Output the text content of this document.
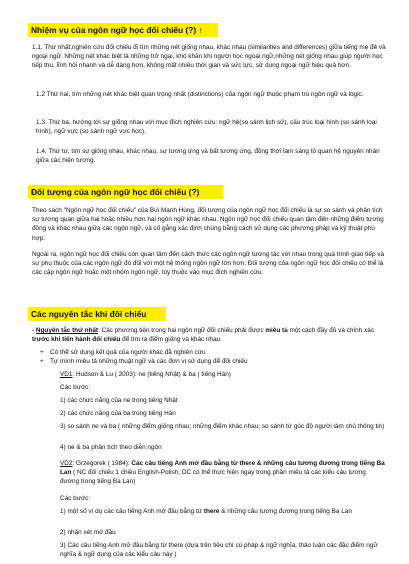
Nhiệm vụ của ngôn ngữ học đối chiếu (?) ↑

1.1. Thứ nhất,nghiên cứu đối chiếu đi tìm những nét giống nhau, khác nhau (similarities and differences) giữa tiếng mẹ đẻ và ngoại ngữ. Những nét khác biệt là những trở ngại, khó khăn khi người học ngoại ngữ,những nét giống nhau giúp người học tiếp thu, lĩnh hội nhanh và dễ dàng hơn, không mất nhiều thời gian và sức lực, sử dụng ngoại ngữ hiệu quả hơn.

1.2 Thứ hai, tìm những nét khác biệt quan trọng nhất (distinctions) của ngôn ngữ thuộc phạm trù ngôn ngữ và logic.

1.3. Thứ ba, hướng tới sự giống nhau với mục đích nghiên cứu: ngữ hệ(so sánh lịch sử), cấu trúc loại hình (so sánh loại hình), ngữ vực (so sánh ngữ vực học).

1.4. Thứ tư, tìm sự giống nhau, khác nhau, sự tương ứng và bất tương ứng, đồng thời làm sáng tỏ quan hệ nguyên nhân giữa các hiện tượng.

Đối tượng của ngôn ngữ học đối chiếu (?)

Theo sách "Ngôn ngữ học đối chiếu" của Bùi Mạnh Hùng, đối tượng của ngôn ngữ học đối chiếu là sự so sánh và phân tích sự tương quan giữa hai hoặc nhiều hơn hai ngôn ngữ khác nhau. Ngôn ngữ học đối chiếu quan tâm đến những điểm tương đồng và khác nhau giữa các ngôn ngữ, và cố gắng xác định chúng bằng cách sử dụng các phương pháp và kỹ thuật phù hợp.

Ngoài ra, ngôn ngữ học đối chiếu còn quan tâm đến cách thức các ngôn ngữ tương tác với nhau trong quá trình giao tiếp và sự phụ thuộc của các ngôn ngữ đó đối với một hệ thống ngôn ngữ lớn hơn. Đối tượng của ngôn ngữ học đối chiếu có thể là các cặp ngôn ngữ hoặc một nhóm ngôn ngữ, tùy thuộc vào mục đích nghiên cứu.

Các nguyên tắc khi đối chiếu

- Nguyên tắc thứ nhất: Các phương tiện trong hai ngôn ngữ đối chiếu phải được miêu tả một cách đầy đủ và chính xác trước khi tiến hành đối chiếu để tìm ra điểm giống và khác nhau.

+ Có thể sử dụng kết quả của người khác đã nghiên cứu
+ Tự mình miêu tả những thuật ngữ và các đơn vị sử dụng để đối chiếu

VD1: Hudson & Lu ( 2003): ne (tiếng Nhật) & ba ( tiếng Hán)

Các bước:

1) các chức năng của ne trong tiếng Nhật

2) các chức năng của ba trong tiếng Hán

3) so sánh ne và ba ( những điểm giống nhau; những điểm khác nhau; so sánh từ góc độ người làm chủ thông tin)

4) ne & ba phân tích theo diễn ngôn

VD2: Grzegorek ( 1984): Các câu tiếng Anh mở đầu bằng từ there & những câu tương đương trong tiếng Ba Lan ( NC đối chiếu 1 chiều English-Polish; DC có thể thực hiện ngay trong phần miêu tả các kiểu câu tương đương trong tiếng Ba Lan)

Các bước:

1) một số ví dụ các câu tiếng Anh mở đầu bằng từ there & những câu tương đương trong tiếng Ba Lan

2) nhận xét mở đầu

3) Các câu tiếng Anh mở đầu bằng từ there (dựa trên tiêu chí cú pháp & ngữ nghĩa, thảo luận các đặc điểm ngữ nghĩa & ngữ dụng của các kiểu câu này )
